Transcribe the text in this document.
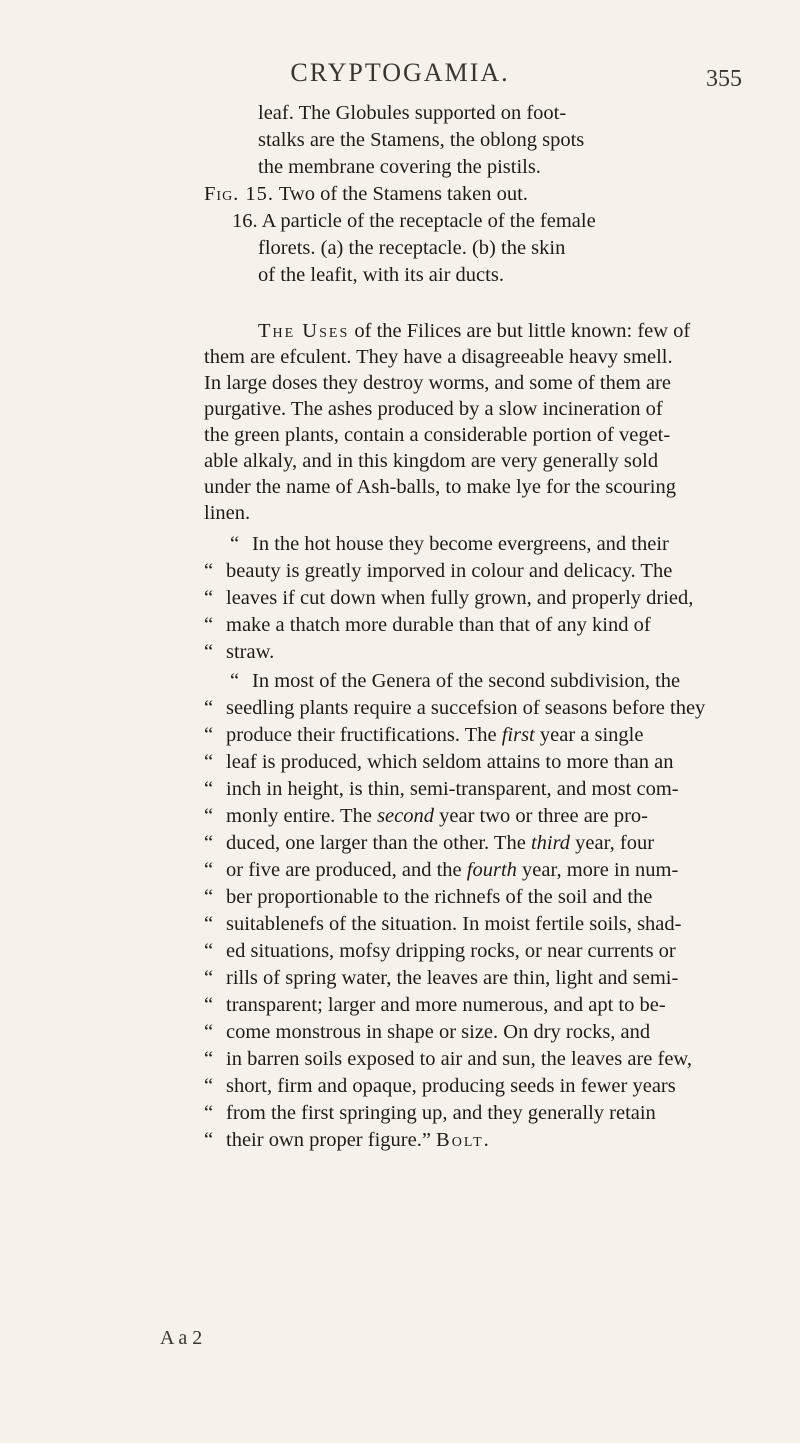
CRYPTOGAMIA.	355
leaf. The Globules supported on foot-
stalks are the Stamens, the oblong spots
the membrane covering the pistils.
Fig. 15. Two of the Stamens taken out.
16. A particle of the receptacle of the female
florets. (a) the receptacle. (b) the skin
of the leafit, with its air ducts.
The Uses of the Filices are but little known: few of
them are efculent. They have a disagreeable heavy smell.
In large doses they destroy worms, and some of them are
purgative. The ashes produced by a slow incineration of
the green plants, contain a considerable portion of veget-
able alkaly, and in this kingdom are very generally sold
under the name of Ash-balls, to make lye for the scouring
linen.
“ In the hot house they become evergreens, and their
“ beauty is greatly imporved in colour and delicacy. The
“ leaves if cut down when fully grown, and properly dried,
“ make a thatch more durable than that of any kind of
“ straw.
“ In most of the Genera of the second subdivision, the
“ seedling plants require a succefsion of seasons before they
“ produce their fructifications. The first year a single
“ leaf is produced, which seldom attains to more than an
“ inch in height, is thin, semi-transparent, and most com-
“ monly entire. The second year two or three are pro-
“ duced, one larger than the other. The third year, four
“ or five are produced, and the fourth year, more in num-
“ ber proportionable to the richnefs of the soil and the
“ suitablenefs of the situation. In moist fertile soils, shad-
“ ed situations, mofsy dripping rocks, or near currents or
“ rills of spring water, the leaves are thin, light and semi-
“ transparent; larger and more numerous, and apt to be-
“ come monstrous in shape or size. On dry rocks, and
“ in barren soils exposed to air and sun, the leaves are few,
“ short, firm and opaque, producing seeds in fewer years
“ from the first springing up, and they generally retain
“ their own proper figure.” Bolt.
A a 2
